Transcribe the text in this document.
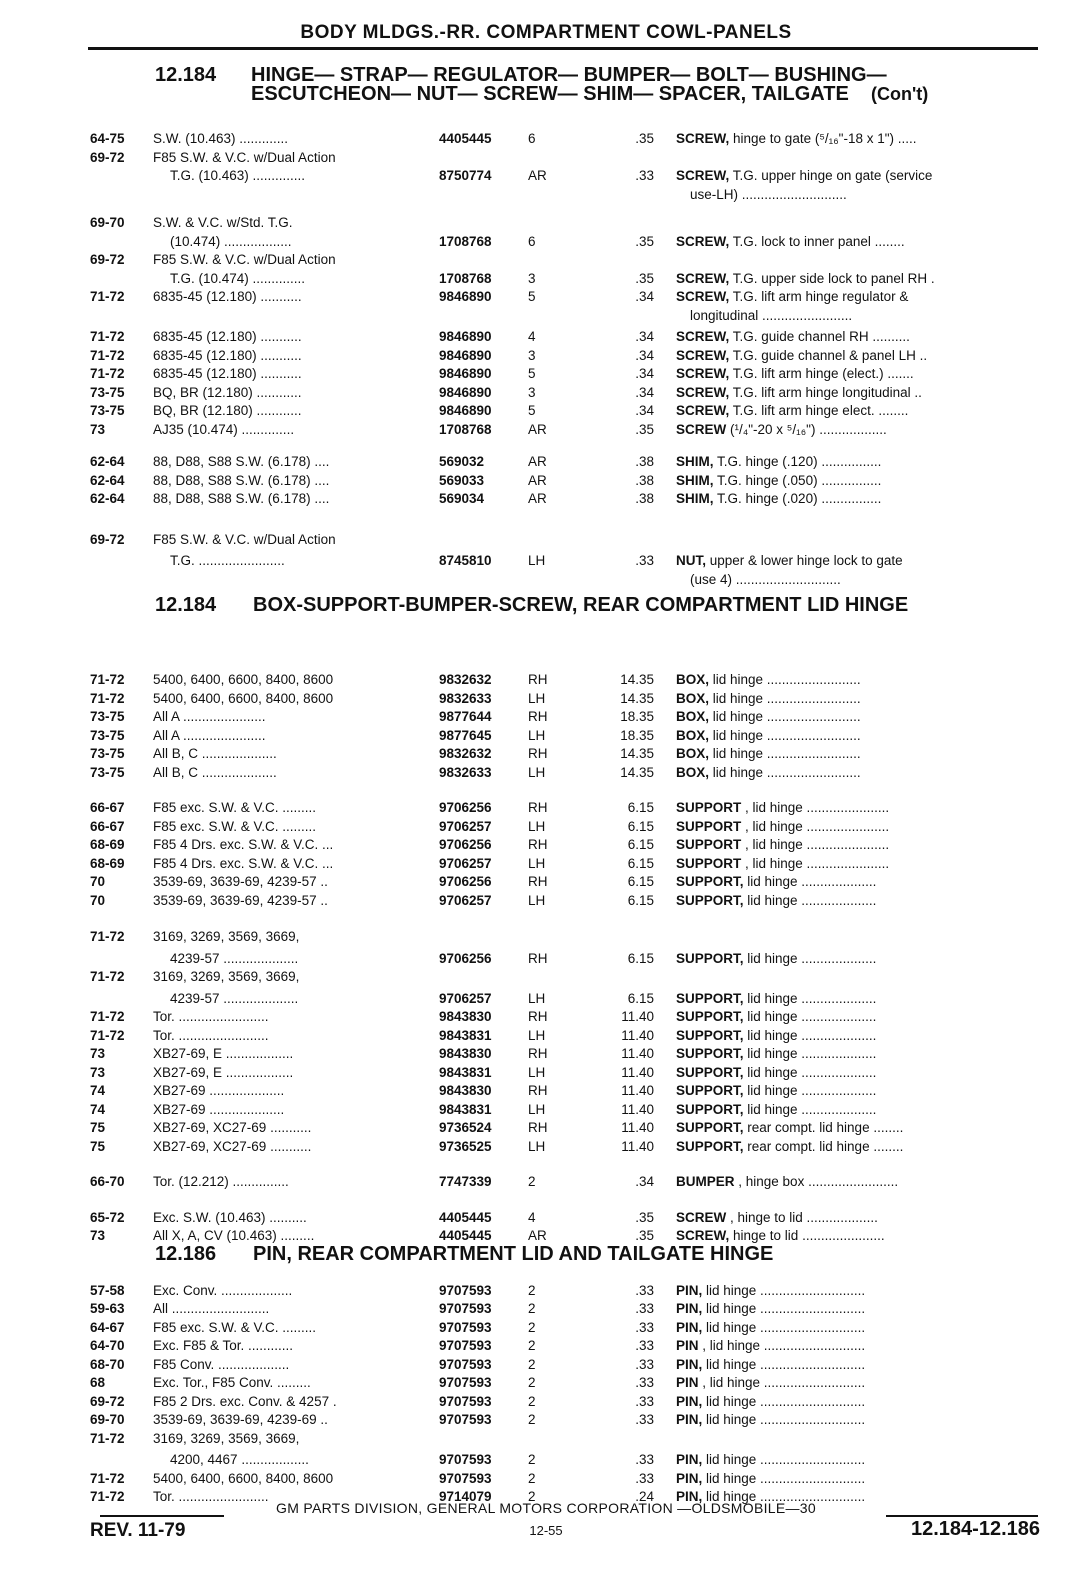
BODY MLDGS.-RR. COMPARTMENT COWL-PANELS
12.184 HINGE— STRAP— REGULATOR— BUMPER— BOLT— BUSHING—
ESCUTCHEON— NUT— SCREW— SHIM— SPACER, TAILGATE (Con't)
64-75 S.W. (10.463) .............	4405445	6	.35 SCREW, hinge to gate (⁵/₁₆"-18 x 1") .....
69-72 F85 S.W. & V.C. w/Dual Action
T.G. (10.463) ..............	8750774	AR	.33 SCREW, T.G. upper hinge on gate (service
use-LH) ............................
69-70 S.W. & V.C. w/Std. T.G.
(10.474) ..................	1708768	6	.35 SCREW, T.G. lock to inner panel ........
69-72 F85 S.W. & V.C. w/Dual Action
T.G. (10.474) ..............	1708768	3	.35 SCREW, T.G. upper side lock to panel RH .
71-72 6835-45 (12.180) ...........	9846890	5	.34 SCREW, T.G. lift arm hinge regulator &
longitudinal ........................
71-72 6835-45 (12.180) ...........	9846890	4	.34 SCREW, T.G. guide channel RH ..........
71-72 6835-45 (12.180) ...........	9846890	3	.34 SCREW, T.G. guide channel & panel LH ..
71-72 6835-45 (12.180) ...........	9846890	5	.34 SCREW, T.G. lift arm hinge (elect.) .......
73-75 BQ, BR (12.180) ............	9846890	3	.34 SCREW, T.G. lift arm hinge longitudinal ..
73-75 BQ, BR (12.180) ............	9846890	5	.34 SCREW, T.G. lift arm hinge elect. ........
73	AJ35 (10.474) ..............	1708768	AR	.35 SCREW (¹/₄"-20 x ⁵/₁₆") ..................
62-64 88, D88, S88 S.W. (6.178) ....	569032	AR	.38 SHIM, T.G. hinge (.120) ................
62-64 88, D88, S88 S.W. (6.178) ....	569033	AR	.38 SHIM, T.G. hinge (.050) ................
62-64 88, D88, S88 S.W. (6.178) ....	569034	AR	.38 SHIM, T.G. hinge (.020) ................
69-72 F85 S.W. & V.C. w/Dual Action
T.G. .......................	8745810	LH	.33 NUT, upper & lower hinge lock to gate
(use 4) ............................
12.184 BOX-SUPPORT-BUMPER-SCREW, REAR COMPARTMENT LID HINGE
71-72 5400, 6400, 6600, 8400, 8600	9832632	RH	14.35 BOX, lid hinge .........................
71-72 5400, 6400, 6600, 8400, 8600	9832633	LH	14.35 BOX, lid hinge .........................
73-75 All A ......................	9877644	RH	18.35 BOX, lid hinge .........................
73-75 All A ......................	9877645	LH	18.35 BOX, lid hinge .........................
73-75 All B, C ....................	9832632	RH	14.35 BOX, lid hinge .........................
73-75 All B, C ....................	9832633	LH	14.35 BOX, lid hinge .........................
66-67 F85 exc. S.W. & V.C. .........	9706256	RH	6.15 SUPPORT , lid hinge ......................
66-67 F85 exc. S.W. & V.C. .........	9706257	LH	6.15 SUPPORT , lid hinge ......................
68-69 F85 4 Drs. exc. S.W. & V.C. ...	9706256	RH	6.15 SUPPORT , lid hinge ......................
68-69 F85 4 Drs. exc. S.W. & V.C. ...	9706257	LH	6.15 SUPPORT , lid hinge ......................
70	3539-69, 3639-69, 4239-57 ..	9706256	RH	6.15 SUPPORT, lid hinge ....................
70	3539-69, 3639-69, 4239-57 ..	9706257	LH	6.15 SUPPORT, lid hinge ....................
71-72 3169, 3269, 3569, 3669,
4239-57 ....................	9706256	RH	6.15 SUPPORT, lid hinge ....................
71-72 3169, 3269, 3569, 3669,
4239-57 ....................	9706257	LH	6.15 SUPPORT, lid hinge ....................
71-72 Tor. ........................	9843830	RH	11.40 SUPPORT, lid hinge ....................
71-72 Tor. ........................	9843831	LH	11.40 SUPPORT, lid hinge ....................
73	XB27-69, E ..................	9843830	RH	11.40 SUPPORT, lid hinge ....................
73	XB27-69, E ..................	9843831	LH	11.40 SUPPORT, lid hinge ....................
74	XB27-69 ....................	9843830	RH	11.40 SUPPORT, lid hinge ....................
74	XB27-69 ....................	9843831	LH	11.40 SUPPORT, lid hinge ....................
75	XB27-69, XC27-69 ...........	9736524	RH	11.40 SUPPORT, rear compt. lid hinge ........
75	XB27-69, XC27-69 ...........	9736525	LH	11.40 SUPPORT, rear compt. lid hinge ........
66-70 Tor. (12.212) ...............	7747339	2	.34 BUMPER , hinge box ........................
65-72 Exc. S.W. (10.463) ..........	4405445	4	.35 SCREW , hinge to lid ...................
73	All X, A, CV (10.463) .........	4405445	AR	.35 SCREW, hinge to lid ......................
12.186 PIN, REAR COMPARTMENT LID AND TAILGATE HINGE
57-58 Exc. Conv. ...................	9707593	2	.33 PIN, lid hinge ............................
59-63 All ..........................	9707593	2	.33 PIN, lid hinge ............................
64-67 F85 exc. S.W. & V.C. .........	9707593	2	.33 PIN, lid hinge ............................
64-70 Exc. F85 & Tor. ............	9707593	2	.33 PIN , lid hinge ...........................
68-70 F85 Conv. ...................	9707593	2	.33 PIN, lid hinge ............................
68	Exc. Tor., F85 Conv. .........	9707593	2	.33 PIN , lid hinge ...........................
69-72 F85 2 Drs. exc. Conv. & 4257 .	9707593	2	.33 PIN, lid hinge ............................
69-70 3539-69, 3639-69, 4239-69 ..	9707593	2	.33 PIN, lid hinge ............................
71-72 3169, 3269, 3569, 3669,
4200, 4467 ..................	9707593	2	.33 PIN, lid hinge ............................
71-72 5400, 6400, 6600, 8400, 8600	9707593	2	.33 PIN, lid hinge ............................
71-72 Tor. ........................	9714079	2	.24 PIN, lid hinge ............................
GM PARTS DIVISION, GENERAL MOTORS CORPORATION —OLDSMOBILE—30
REV. 11-79	12-55	12.184-12.186
